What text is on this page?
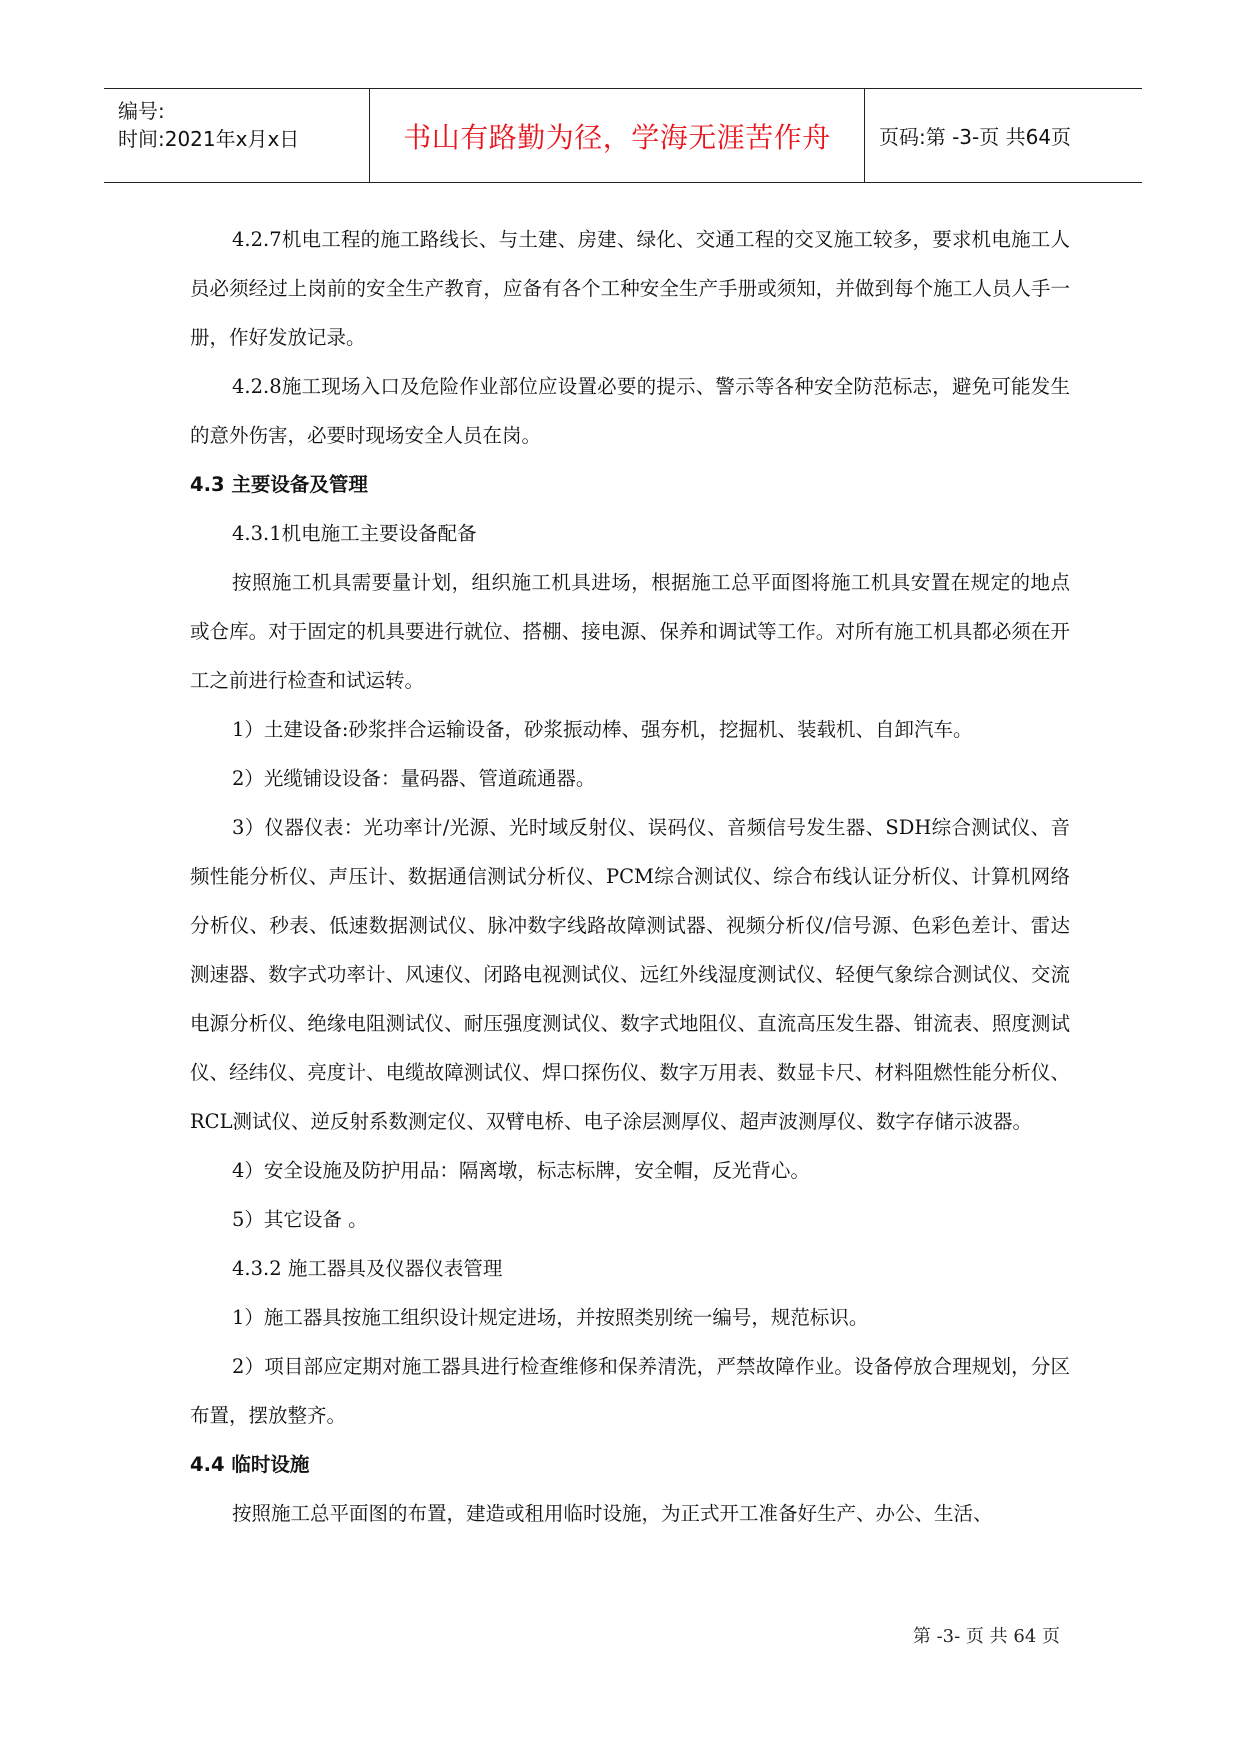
编号:
时间:2021年x月x日	书山有路勤为径，学海无涯苦作舟 页码:第 -3-页 共64页

4.2.7机电工程的施工路线长、与土建、房建、绿化、交通工程的交叉施工较多，要求机电施工人员必须经过上岗前的安全生产教育，应备有各个工种安全生产手册或须知，并做到每个施工人员人手一册，作好发放记录。

4.2.8施工现场入口及危险作业部位应设置必要的提示、警示等各种安全防范标志，避免可能发生的意外伤害，必要时现场安全人员在岗。

4.3 主要设备及管理

4.3.1机电施工主要设备配备

按照施工机具需要量计划，组织施工机具进场，根据施工总平面图将施工机具安置在规定的地点或仓库。对于固定的机具要进行就位、搭棚、接电源、保养和调试等工作。对所有施工机具都必须在开工之前进行检查和试运转。

1）土建设备:砂浆拌合运输设备，砂浆振动棒、强夯机，挖掘机、装载机、自卸汽车。

2）光缆铺设设备：量码器、管道疏通器。

3）仪器仪表：光功率计/光源、光时域反射仪、误码仪、音频信号发生器、SDH综合测试仪、音频性能分析仪、声压计、数据通信测试分析仪、PCM综合测试仪、综合布线认证分析仪、计算机网络分析仪、秒表、低速数据测试仪、脉冲数字线路故障测试器、视频分析仪/信号源、色彩色差计、雷达测速器、数字式功率计、风速仪、闭路电视测试仪、远红外线湿度测试仪、轻便气象综合测试仪、交流电源分析仪、绝缘电阻测试仪、耐压强度测试仪、数字式地阻仪、直流高压发生器、钳流表、照度测试仪、经纬仪、亮度计、电缆故障测试仪、焊口探伤仪、数字万用表、数显卡尺、材料阻燃性能分析仪、RCL测试仪、逆反射系数测定仪、双臂电桥、电子涂层测厚仪、超声波测厚仪、数字存储示波器。

4）安全设施及防护用品：隔离墩，标志标牌，安全帽，反光背心。

5）其它设备 。

4.3.2 施工器具及仪器仪表管理

1）施工器具按施工组织设计规定进场，并按照类别统一编号，规范标识。

2）项目部应定期对施工器具进行检查维修和保养清洗，严禁故障作业。设备停放合理规划，分区布置，摆放整齐。

4.4 临时设施

按照施工总平面图的布置，建造或租用临时设施，为正式开工准备好生产、办公、生活、

第 -3- 页 共 64 页
